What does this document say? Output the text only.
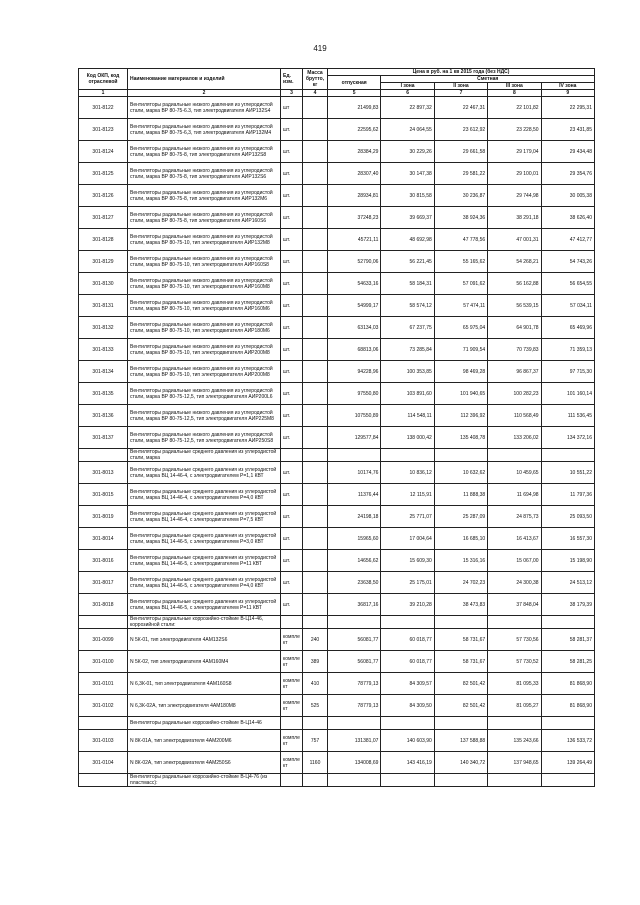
419
Код ОКП, код отраслевой	Наименование материалов и изделий	Ед. изм.	Масса брутто, кг	Цена в руб. на 1 кв 2015 года (без НДС)				
				отпускная	Сметная			
					I зона	II зона	III зона	IV зона
1	2	3	4	5	6	7	8	9
301-8122	Вентиляторы радиальные низкого давления из углеродистой стали, марка ВР 80-75-6.3, тип электродвигателя АИР132S4	шт		21499,83	22 897,32	22 467,31	22 101,82	22 295,31
301-8123	Вентиляторы радиальные низкого давления из углеродистой стали, марка ВР 80-75-6,3, тип электродвигателя АИР132M4	шт.		22595,62	24 064,55	23 612,92	23 228,50	23 431,85
301-8124	Вентиляторы радиальные низкого давления из углеродистой стали, марка ВР 80-75-8, тип электродвигателя АИР132S8	шт.		28384,29	30 229,26	29 661,58	29 179,04	29 434,48
301-8125	Вентиляторы радиальные низкого давления из углеродистой стали, марка ВР 80-75-8, тип электродвигателя АИР132S6	шт.		28307,40	30 147,38	29 581,22	29 100,01	29 354,76
301-8126	Вентиляторы радиальные низкого давления из углеродистой стали, марка ВР 80-75-8, тип электродвигателя АИР132M6	шт.		28934,81	30 815,58	30 236,87	29 744,98	30 005,38
301-8127	Вентиляторы радиальные низкого давления из углеродистой стали, марка ВР 80-75-8, тип электродвигателя АИР160S6	шт.		37248,23	39 669,37	38 924,36	38 291,18	38 626,40
301-8128	Вентиляторы радиальные низкого давления из углеродистой стали, марка ВР 80-75-10, тип электродвигателя АИР132M8	шт.		45721,11	48 692,98	47 778,56	47 001,31	47 412,77
301-8129	Вентиляторы радиальные низкого давления из углеродистой стали, марка ВР 80-75-10, тип электродвигателя АИР160S8	шт.		52790,06	56 221,45	55 165,62	54 268,21	54 743,26
301-8130	Вентиляторы радиальные низкого давления из углеродистой стали, марка ВР 80-75-10, тип электродвигателя АИР160M8	шт.		54633,16	58 184,31	57 091,62	56 162,88	56 654,55
301-8131	Вентиляторы радиальные низкого давления из углеродистой стали, марка ВР 80-75-10, тип электродвигателя АИР160M6	шт.		54999,17	58 574,12	57 474,11	56 539,15	57 034,11
301-8132	Вентиляторы радиальные низкого давления из углеродистой стали, марка ВР 80-75-10, тип электродвигателя АИР180M6	шт.		63134,03	67 237,75	65 975,04	64 901,78	65 469,96
301-8133	Вентиляторы радиальные низкого давления из углеродистой стали, марка ВР 80-75-10, тип электродвигателя АИР200M8	шт.		68813,06	73 285,84	71 909,54	70 739,83	71 359,13
301-8134	Вентиляторы радиальные низкого давления из углеродистой стали, марка ВР 80-75-10, тип электродвигателя АИР200M8	шт.		94228,96	100 353,85	98 469,28	96 867,37	97 715,30
301-8135	Вентиляторы радиальные низкого давления из углеродистой стали, марка ВР 80-75-12,5, тип электродвигателя АИР200L6	шт.		97550,80	103 891,60	101 940,65	100 282,23	101 160,14
301-8136	Вентиляторы радиальные низкого давления из углеродистой стали, марка ВР 80-75-12,5, тип электродвигателя АИР225M8	шт.		107550,89	114 548,11	112 396,92	110 568,49	111 536,45
301-8137	Вентиляторы радиальные низкого давления из углеродистой стали, марка ВР 80-75-12,5, тип электродвигателя АИР250S8	шт.		129577,84	138 000,42	135 408,78	133 206,02	134 372,16
	Вентиляторы радиальные среднего давления из углеродистой стали, марка							
301-8013	Вентиляторы радиальные среднего давления из углеродистой стали, марка ВЦ 14-46-4, с электродвигателем Р=1,1 КВТ	шт.		10174,76	10 836,12	10 632,62	10 459,65	10 551,22
301-8015	Вентиляторы радиальные среднего давления из углеродистой стали, марка ВЦ 14-46-4, с электродвигателем Р=4,0 КВТ	шт.		11376,44	12 115,91	11 888,38	11 694,98	11 797,36
301-8019	Вентиляторы радиальные среднего давления из углеродистой стали, марка ВЦ 14-46-4, с электродвигателем Р=7,5 КВТ	шт.		24198,18	25 771,07	25 287,09	24 875,73	25 093,50
301-8014	Вентиляторы радиальные среднего давления из углеродистой стали, марка ВЦ 14-46-5, с электродвигателем Р=3,0 КВТ	шт.		15965,60	17 004,64	16 685,10	16 413,67	16 557,30
301-8016	Вентиляторы радиальные среднего давления из углеродистой стали, марка ВЦ 14-46-5, с электродвигателем Р=11 КВТ	шт.		14656,62	15 609,30	15 316,16	15 067,00	15 198,90
301-8017	Вентиляторы радиальные среднего давления из углеродистой стали, марка ВЦ 14-46-5, с электродвигателем Р=4,0 КВТ	шт.		23638,50	25 175,01	24 702,23	24 300,38	24 513,12
301-8018	Вентиляторы радиальные среднего давления из углеродистой стали, марка ВЦ 14-46-5, с электродвигателем Р=11 КВТ	шт.		36817,16	39 210,28	38 473,83	37 848,04	38 179,39
	Вентиляторы радиальные коррозийно-стойкие В-Ц14-46, коррозийной стали:							
301-0099	N 5К-01, тип электродвигателя 4АМ132S6	компле кт	240	56081,77	60 018,77	58 731,67	57 730,56	58 281,37
301-0100	N 5К-02, тип электродвигателя 4АМ160М4	компле кт	389	56081,77	60 018,77	58 731,67	57 730,52	58 281,25
301-0101	N 6,3К-01, тип электродвигателя 4АМ160S8	компле кт	410	78779,13	84 309,57	82 501,42	81 095,33	81 868,90
301-0102	N 6,3К-02А, тип электродвигателя 4АМ180М8	компле кт	525	78779,13	84 309,50	82 501,42	81 095,27	81 868,90
	Вентиляторы радиальные коррозийно-стойкие В-Ц14-46							
301-0103	N 8К-01А, тип электродвигателя 4АМ200М6	компле кт	757	131381,07	140 603,90	137 588,88	135 243,66	136 533,72
301-0104	N 8К-02А, тип электродвигателя 4АМ250S6	компле кт	1160	134008,69	143 416,19	140 340,72	137 948,65	139 264,49
	Вентиляторы радиальные коррозийно-стойкие В-Ц4-76 (из пластмасс):							
